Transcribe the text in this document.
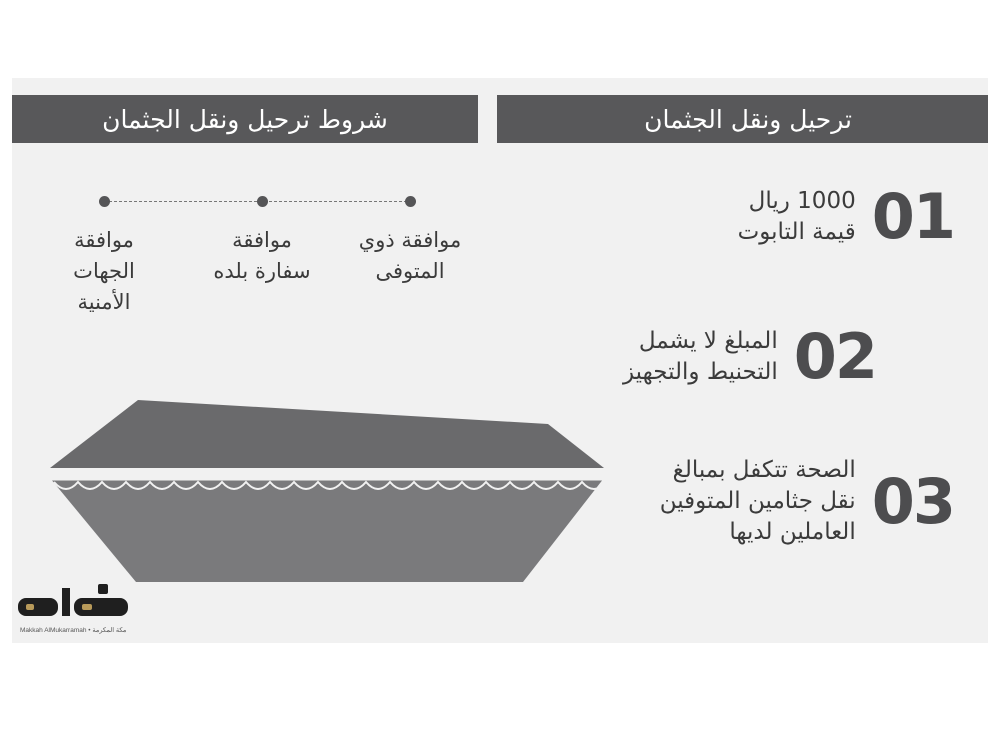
ترحيل ونقل الجثمان
شروط ترحيل ونقل الجثمان
1000 ريال
قيمة التابوت 01
المبلغ لا يشمل
التحنيط والتجهيز 02
الصحة تتكفل بمبالغ
نقل جثامين المتوفين
العاملين لديها 03
موافقة ذوي
المتوفى
موافقة
سفارة بلده
موافقة
الجهات
الأمنية
Makkah AlMukarramah • مكة المكرمة
